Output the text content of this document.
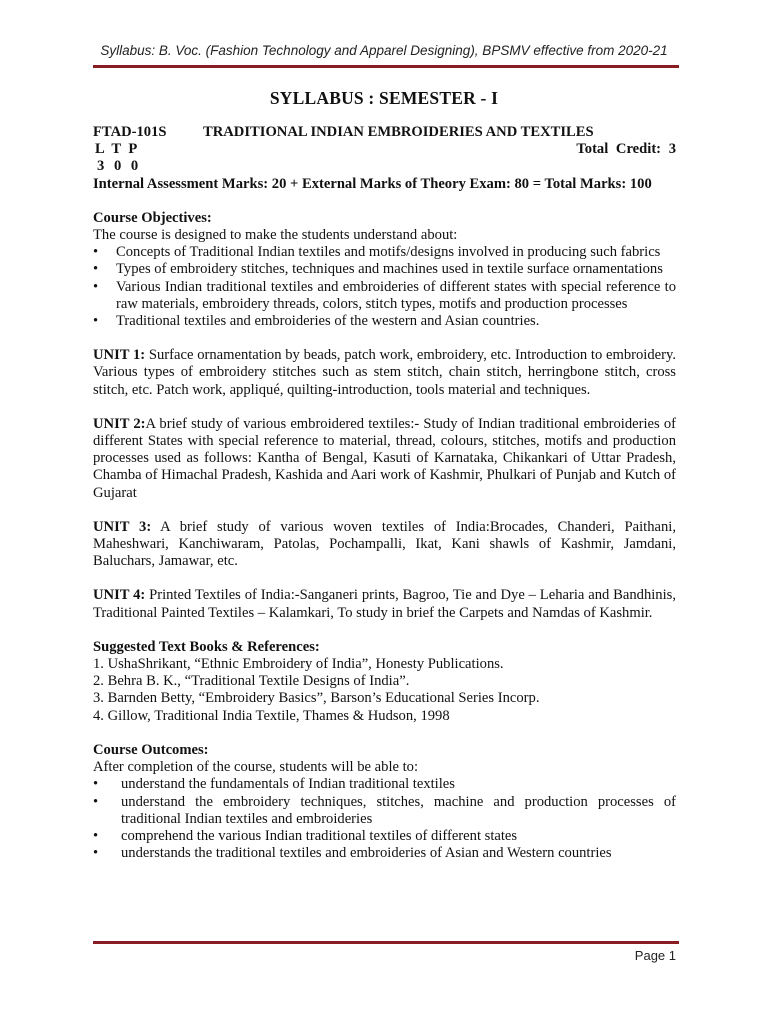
Syllabus: B. Voc. (Fashion Technology and Apparel Designing), BPSMV effective from 2020-21
SYLLABUS : SEMESTER - I
FTAD-101S TRADITIONAL INDIAN EMBROIDERIES AND TEXTILES
L T P	Total Credit: 3
3 0 0
Internal Assessment Marks: 20 + External Marks of Theory Exam: 80 = Total Marks: 100
Course Objectives:
The course is designed to make the students understand about:
• Concepts of Traditional Indian textiles and motifs/designs involved in producing such fabrics
• Types of embroidery stitches, techniques and machines used in textile surface ornamentations
• Various Indian traditional textiles and embroideries of different states with special reference to raw materials, embroidery threads, colors, stitch types, motifs and production processes
• Traditional textiles and embroideries of the western and Asian countries.
UNIT 1: Surface ornamentation by beads, patch work, embroidery, etc. Introduction to embroidery. Various types of embroidery stitches such as stem stitch, chain stitch, herringbone stitch, cross stitch, etc. Patch work, appliqué, quilting-introduction, tools material and techniques.
UNIT 2:A brief study of various embroidered textiles:- Study of Indian traditional embroideries of different States with special reference to material, thread, colours, stitches, motifs and production processes used as follows: Kantha of Bengal, Kasuti of Karnataka, Chikankari of Uttar Pradesh, Chamba of Himachal Pradesh, Kashida and Aari work of Kashmir, Phulkari of Punjab and Kutch of Gujarat
UNIT 3: A brief study of various woven textiles of India:Brocades, Chanderi, Paithani, Maheshwari, Kanchiwaram, Patolas, Pochampalli, Ikat, Kani shawls of Kashmir, Jamdani, Baluchars, Jamawar, etc.
UNIT 4: Printed Textiles of India:-Sanganeri prints, Bagroo, Tie and Dye – Leharia and Bandhinis, Traditional Painted Textiles – Kalamkari, To study in brief the Carpets and Namdas of Kashmir.
Suggested Text Books & References:
1. UshaShrikant, “Ethnic Embroidery of India”, Honesty Publications.
2. Behra B. K., “Traditional Textile Designs of India”.
3. Barnden Betty, “Embroidery Basics”, Barson’s Educational Series Incorp.
4. Gillow, Traditional India Textile, Thames & Hudson, 1998
Course Outcomes:
After completion of the course, students will be able to:
• understand the fundamentals of Indian traditional textiles
• understand the embroidery techniques, stitches, machine and production processes of traditional Indian textiles and embroideries
• comprehend the various Indian traditional textiles of different states
• understands the traditional textiles and embroideries of Asian and Western countries
Page 1
